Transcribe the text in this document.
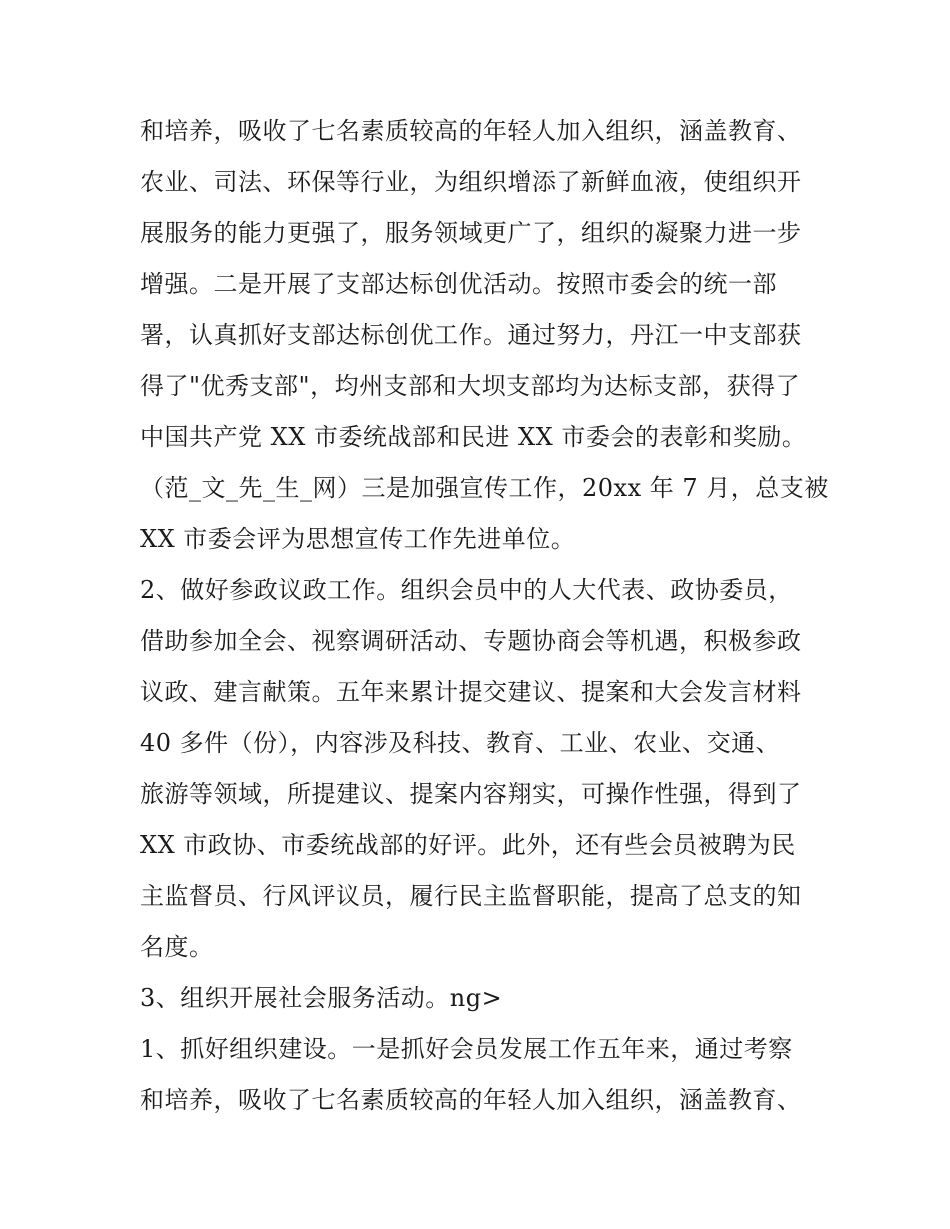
和培养，吸收了七名素质较高的年轻人加入组织，涵盖教育、
农业、司法、环保等行业，为组织增添了新鲜血液，使组织开
展服务的能力更强了，服务领域更广了，组织的凝聚力进一步
增强。二是开展了支部达标创优活动。按照市委会的统一部
署，认真抓好支部达标创优工作。通过努力，丹江一中支部获
得了"优秀支部"，均州支部和大坝支部均为达标支部，获得了
中国共产党 XX 市委统战部和民进 XX 市委会的表彰和奖励。
（范_文_先_生_网）三是加强宣传工作，20xx 年 7 月，总支被
XX 市委会评为思想宣传工作先进单位。
2、做好参政议政工作。组织会员中的人大代表、政协委员，
借助参加全会、视察调研活动、专题协商会等机遇，积极参政
议政、建言献策。五年来累计提交建议、提案和大会发言材料
40 多件（份），内容涉及科技、教育、工业、农业、交通、
旅游等领域，所提建议、提案内容翔实，可操作性强，得到了
XX 市政协、市委统战部的好评。此外，还有些会员被聘为民
主监督员、行风评议员，履行民主监督职能，提高了总支的知
名度。
3、组织开展社会服务活动。ng>
1、抓好组织建设。一是抓好会员发展工作五年来，通过考察
和培养，吸收了七名素质较高的年轻人加入组织，涵盖教育、
